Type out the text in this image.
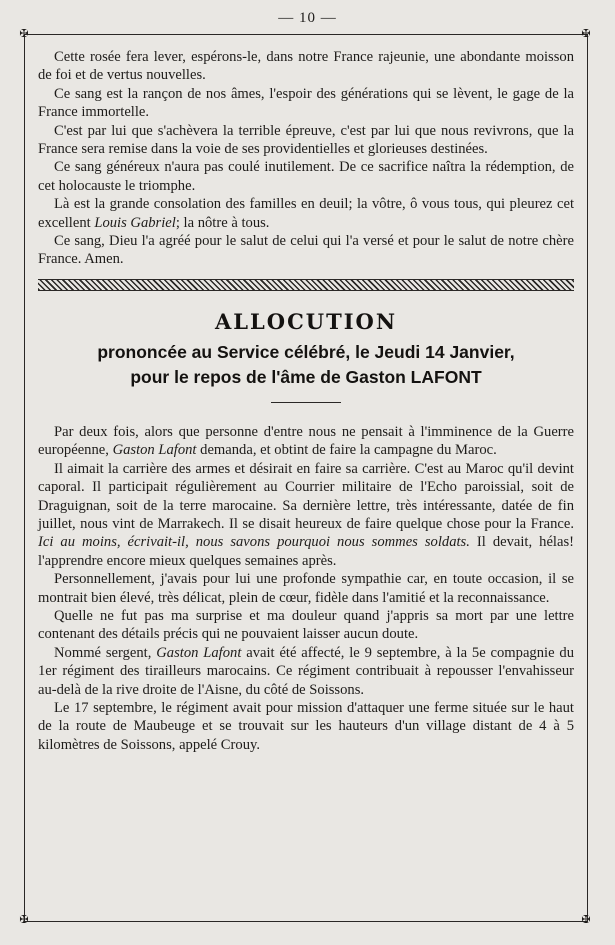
— 10 —
✠	✠
✠	✠

Cette rosée fera lever, espérons-le, dans notre France rajeunie, une abondante moisson de foi et de vertus nouvelles.

Ce sang est la rançon de nos âmes, l'espoir des générations qui se lèvent, le gage de la France immortelle.

C'est par lui que s'achèvera la terrible épreuve, c'est par lui que nous revivrons, que la France sera remise dans la voie de ses providentielles et glorieuses destinées.

Ce sang généreux n'aura pas coulé inutilement. De ce sacrifice naîtra la rédemption, de cet holocauste le triomphe.

Là est la grande consolation des familles en deuil; la vôtre, ô vous tous, qui pleurez cet excellent Louis Gabriel; la nôtre à tous.

Ce sang, Dieu l'a agréé pour le salut de celui qui l'a versé et pour le salut de notre chère France. Amen.

ALLOCUTION
prononcée au Service célébré, le Jeudi 14 Janvier,
pour le repos de l'âme de Gaston LAFONT

Par deux fois, alors que personne d'entre nous ne pensait à l'imminence de la Guerre européenne, Gaston Lafont demanda, et obtint de faire la campagne du Maroc.

Il aimait la carrière des armes et désirait en faire sa carrière. C'est au Maroc qu'il devint caporal. Il participait régulièrement au Courrier militaire de l'Echo paroissial, soit de Draguignan, soit de la terre marocaine. Sa dernière lettre, très intéressante, datée de fin juillet, nous vint de Marrakech. Il se disait heureux de faire quelque chose pour la France. Ici au moins, écrivait-il, nous savons pourquoi nous sommes soldats. Il devait, hélas! l'apprendre encore mieux quelques semaines après.

Personnellement, j'avais pour lui une profonde sympathie car, en toute occasion, il se montrait bien élevé, très délicat, plein de cœur, fidèle dans l'amitié et la reconnaissance.

Quelle ne fut pas ma surprise et ma douleur quand j'appris sa mort par une lettre contenant des détails précis qui ne pouvaient laisser aucun doute.

Nommé sergent, Gaston Lafont avait été affecté, le 9 septembre, à la 5e compagnie du 1er régiment des tirailleurs marocains. Ce régiment contribuait à repousser l'envahisseur au-delà de la rive droite de l'Aisne, du côté de Soissons.

Le 17 septembre, le régiment avait pour mission d'attaquer une ferme située sur le haut de la route de Maubeuge et se trouvait sur les hauteurs d'un village distant de 4 à 5 kilomètres de Soissons, appelé Crouy.
